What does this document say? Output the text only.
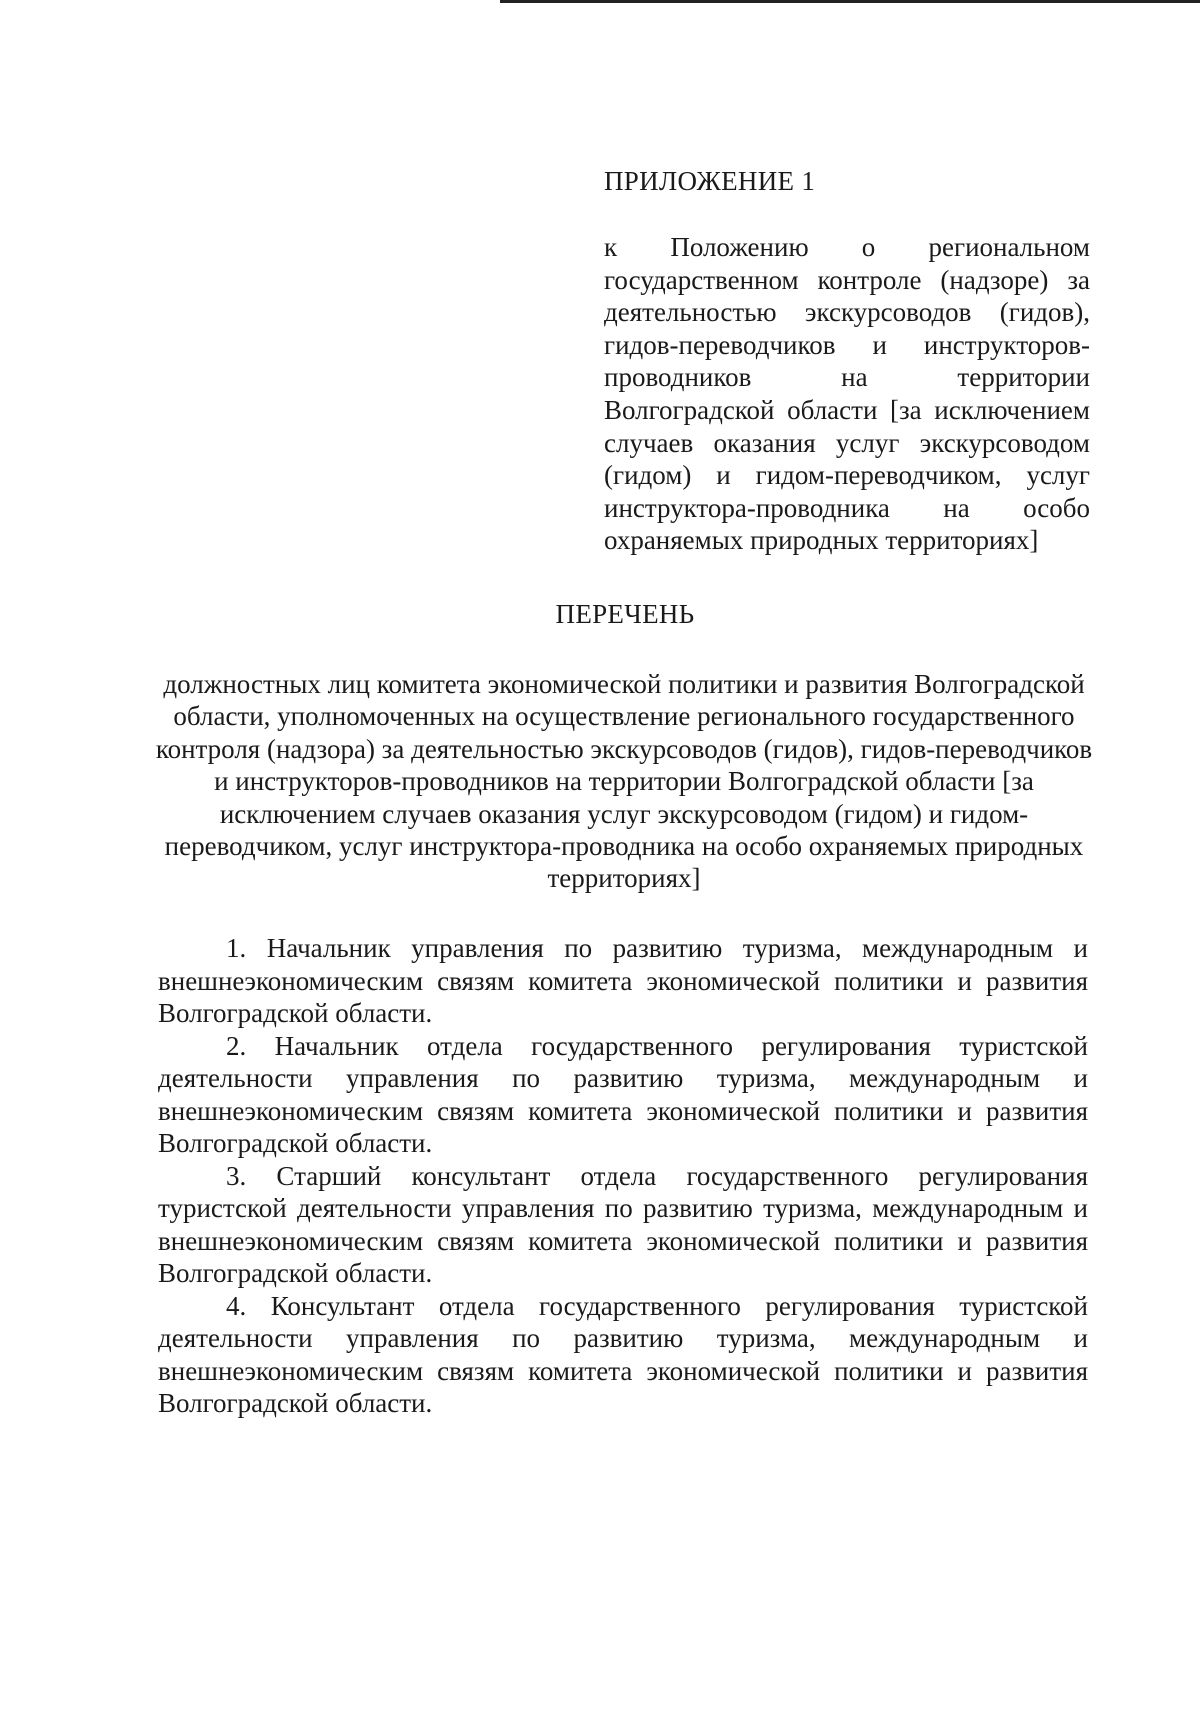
ПРИЛОЖЕНИЕ 1

к Положению о региональном государственном контроле (надзоре) за деятельностью экскурсоводов (гидов), гидов-переводчиков и инструкторов-проводников на территории Волгоградской области [за исключением случаев оказания услуг экскурсоводом (гидом) и гидом-переводчиком, услуг инструктора-проводника на особо охраняемых природных территориях]

ПЕРЕЧЕНЬ

должностных лиц комитета экономической политики и развития Волгоградской области, уполномоченных на осуществление регионального государственного контроля (надзора) за деятельностью экскурсоводов (гидов), гидов-переводчиков и инструкторов-проводников на территории Волгоградской области [за исключением случаев оказания услуг экскурсоводом (гидом) и гидом-переводчиком, услуг инструктора-проводника на особо охраняемых природных территориях]

1. Начальник управления по развитию туризма, международным и внешнеэкономическим связям комитета экономической политики и развития Волгоградской области.

2. Начальник отдела государственного регулирования туристской деятельности управления по развитию туризма, международным и внешнеэкономическим связям комитета экономической политики и развития Волгоградской области.

3. Старший консультант отдела государственного регулирования туристской деятельности управления по развитию туризма, международным и внешнеэкономическим связям комитета экономической политики и развития Волгоградской области.

4. Консультант отдела государственного регулирования туристской деятельности управления по развитию туризма, международным и внешнеэкономическим связям комитета экономической политики и развития Волгоградской области.
